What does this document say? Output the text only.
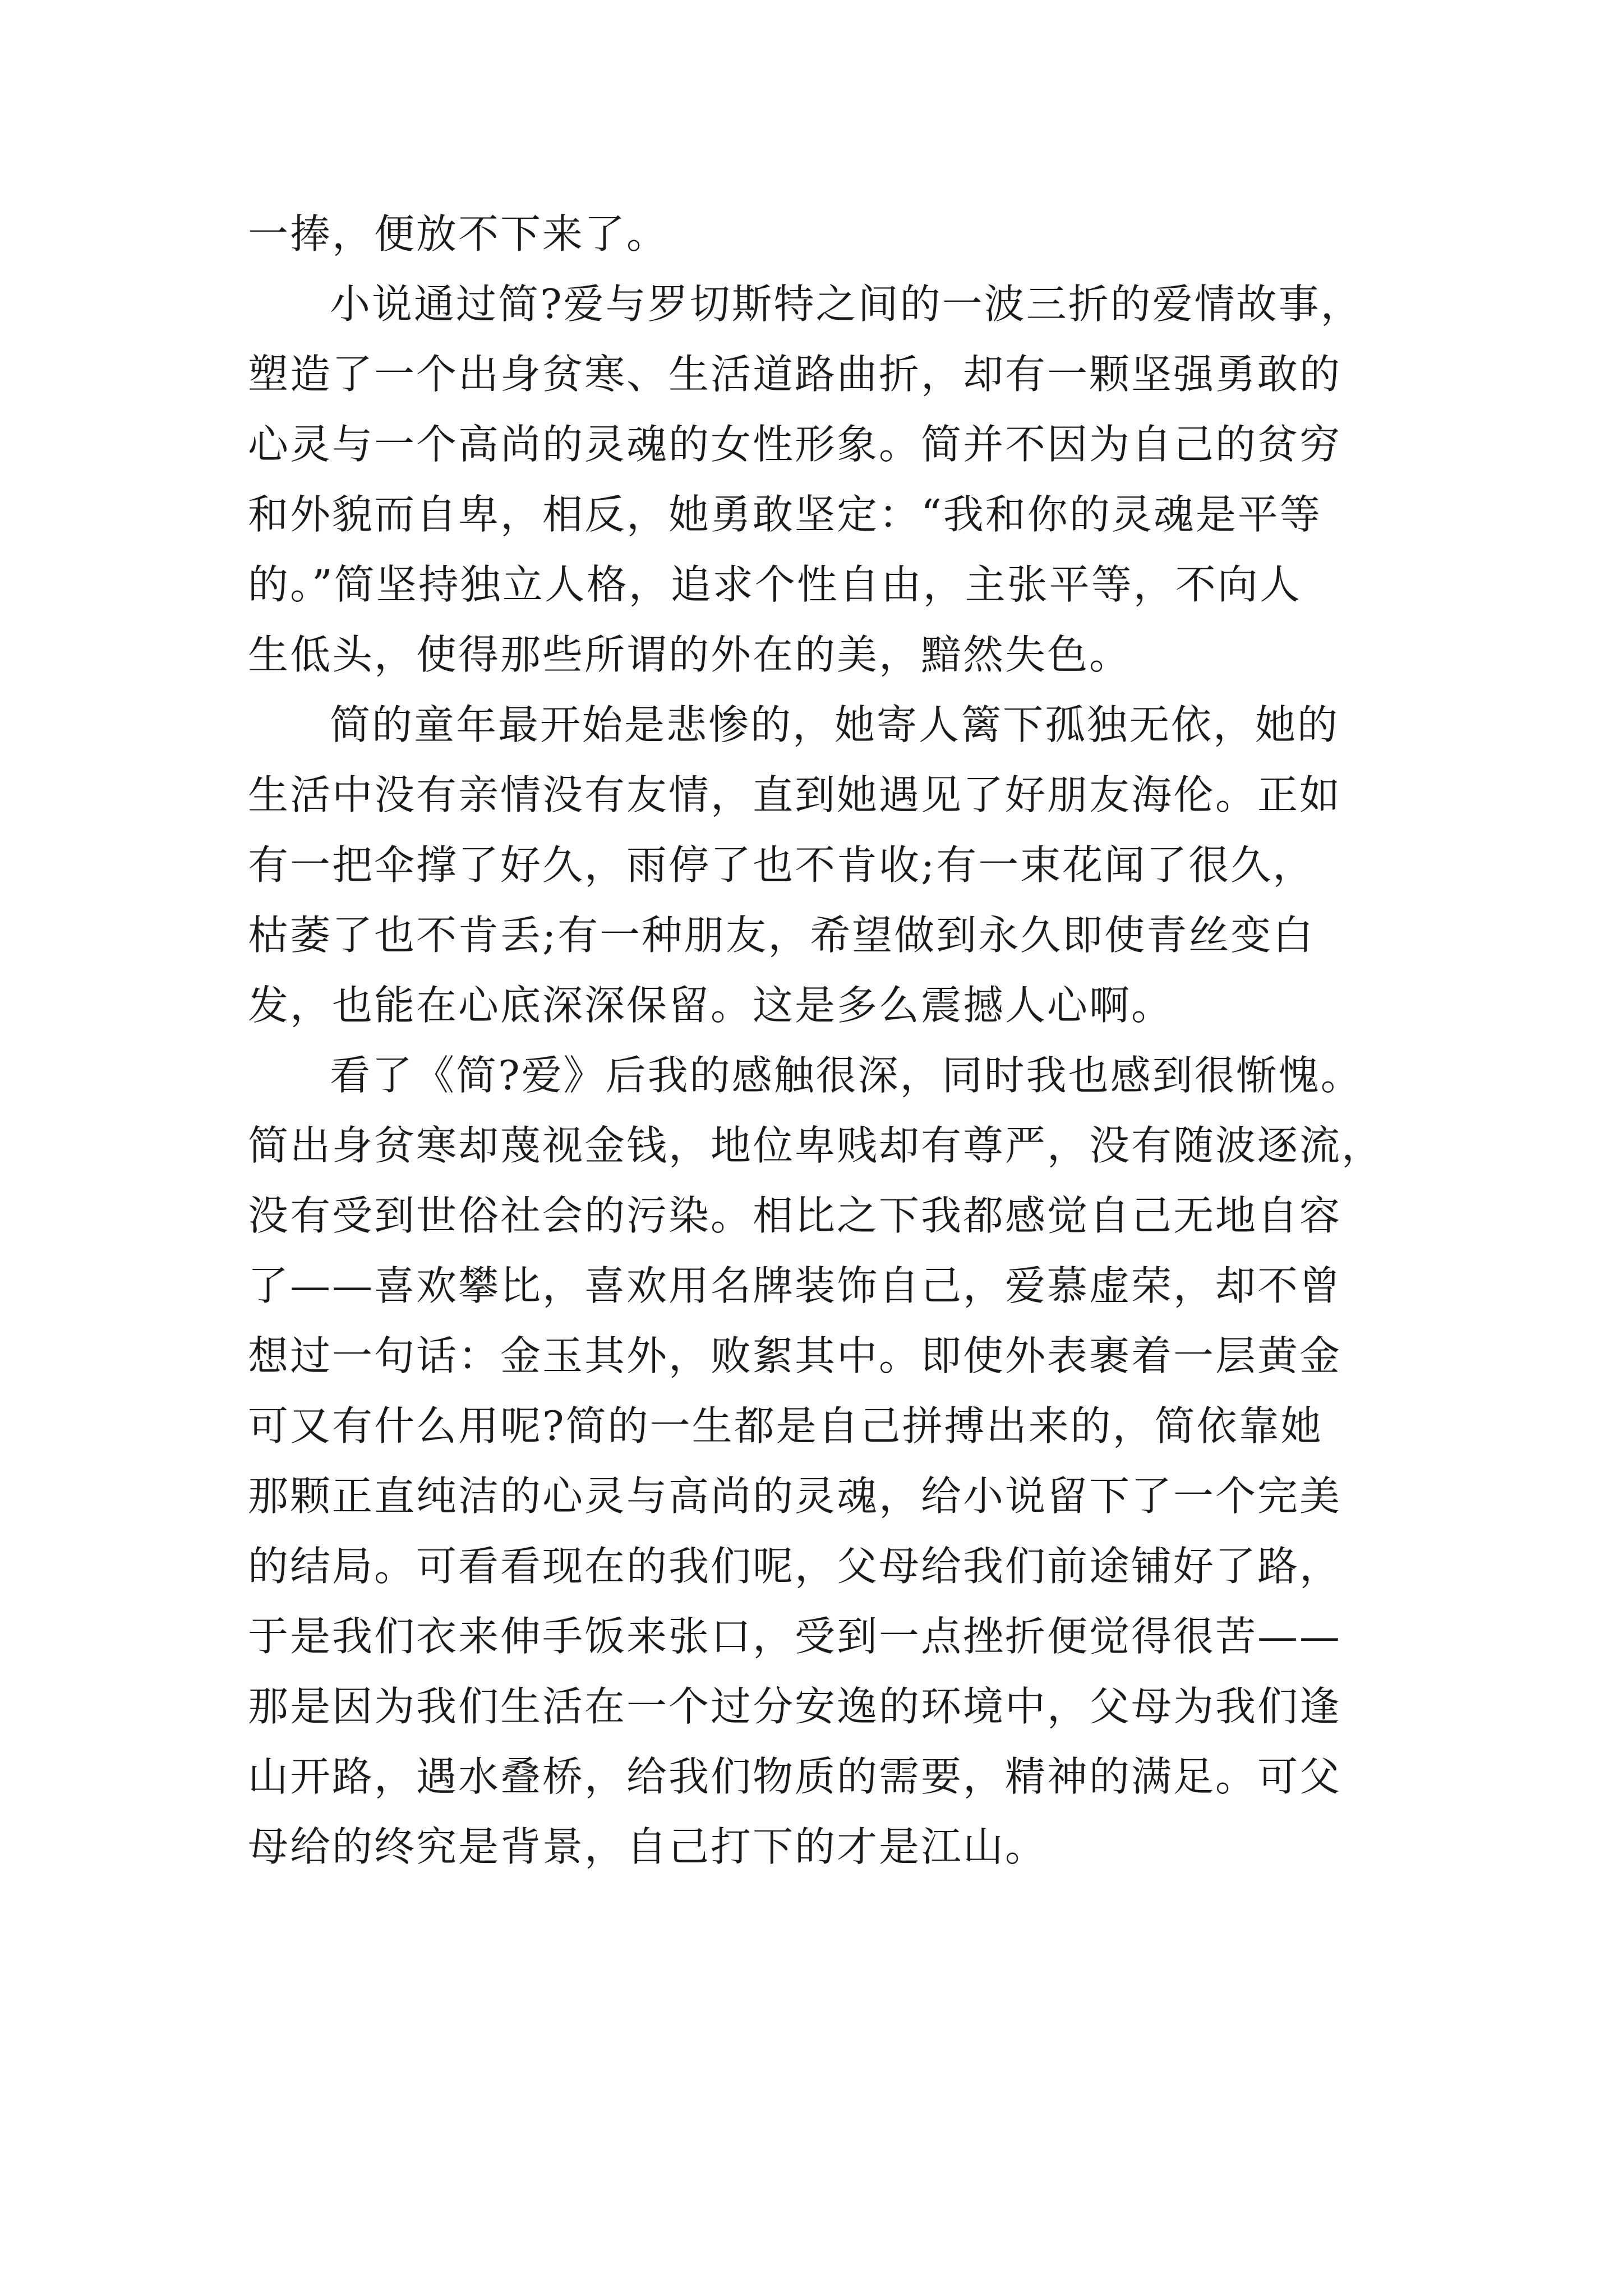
一捧，便放不下来了。
小说通过简?爱与罗切斯特之间的一波三折的爱情故事，
塑造了一个出身贫寒、生活道路曲折，却有一颗坚强勇敢的
心灵与一个高尚的灵魂的女性形象。简并不因为自己的贫穷
和外貌而自卑，相反，她勇敢坚定：“我和你的灵魂是平等
的。”简坚持独立人格，追求个性自由，主张平等，不向人
生低头，使得那些所谓的外在的美，黯然失色。
简的童年最开始是悲惨的，她寄人篱下孤独无依，她的
生活中没有亲情没有友情，直到她遇见了好朋友海伦。正如
有一把伞撑了好久，雨停了也不肯收;有一束花闻了很久，
枯萎了也不肯丢;有一种朋友，希望做到永久即使青丝变白
发，也能在心底深深保留。这是多么震撼人心啊。
看了《简?爱》后我的感触很深，同时我也感到很惭愧。
简出身贫寒却蔑视金钱，地位卑贱却有尊严，没有随波逐流，
没有受到世俗社会的污染。相比之下我都感觉自己无地自容
了——喜欢攀比，喜欢用名牌装饰自己，爱慕虚荣，却不曾
想过一句话：金玉其外，败絮其中。即使外表裹着一层黄金
可又有什么用呢?简的一生都是自己拼搏出来的，简依靠她
那颗正直纯洁的心灵与高尚的灵魂，给小说留下了一个完美
的结局。可看看现在的我们呢，父母给我们前途铺好了路，
于是我们衣来伸手饭来张口，受到一点挫折便觉得很苦——
那是因为我们生活在一个过分安逸的环境中，父母为我们逢
山开路，遇水叠桥，给我们物质的需要，精神的满足。可父
母给的终究是背景，自己打下的才是江山。
